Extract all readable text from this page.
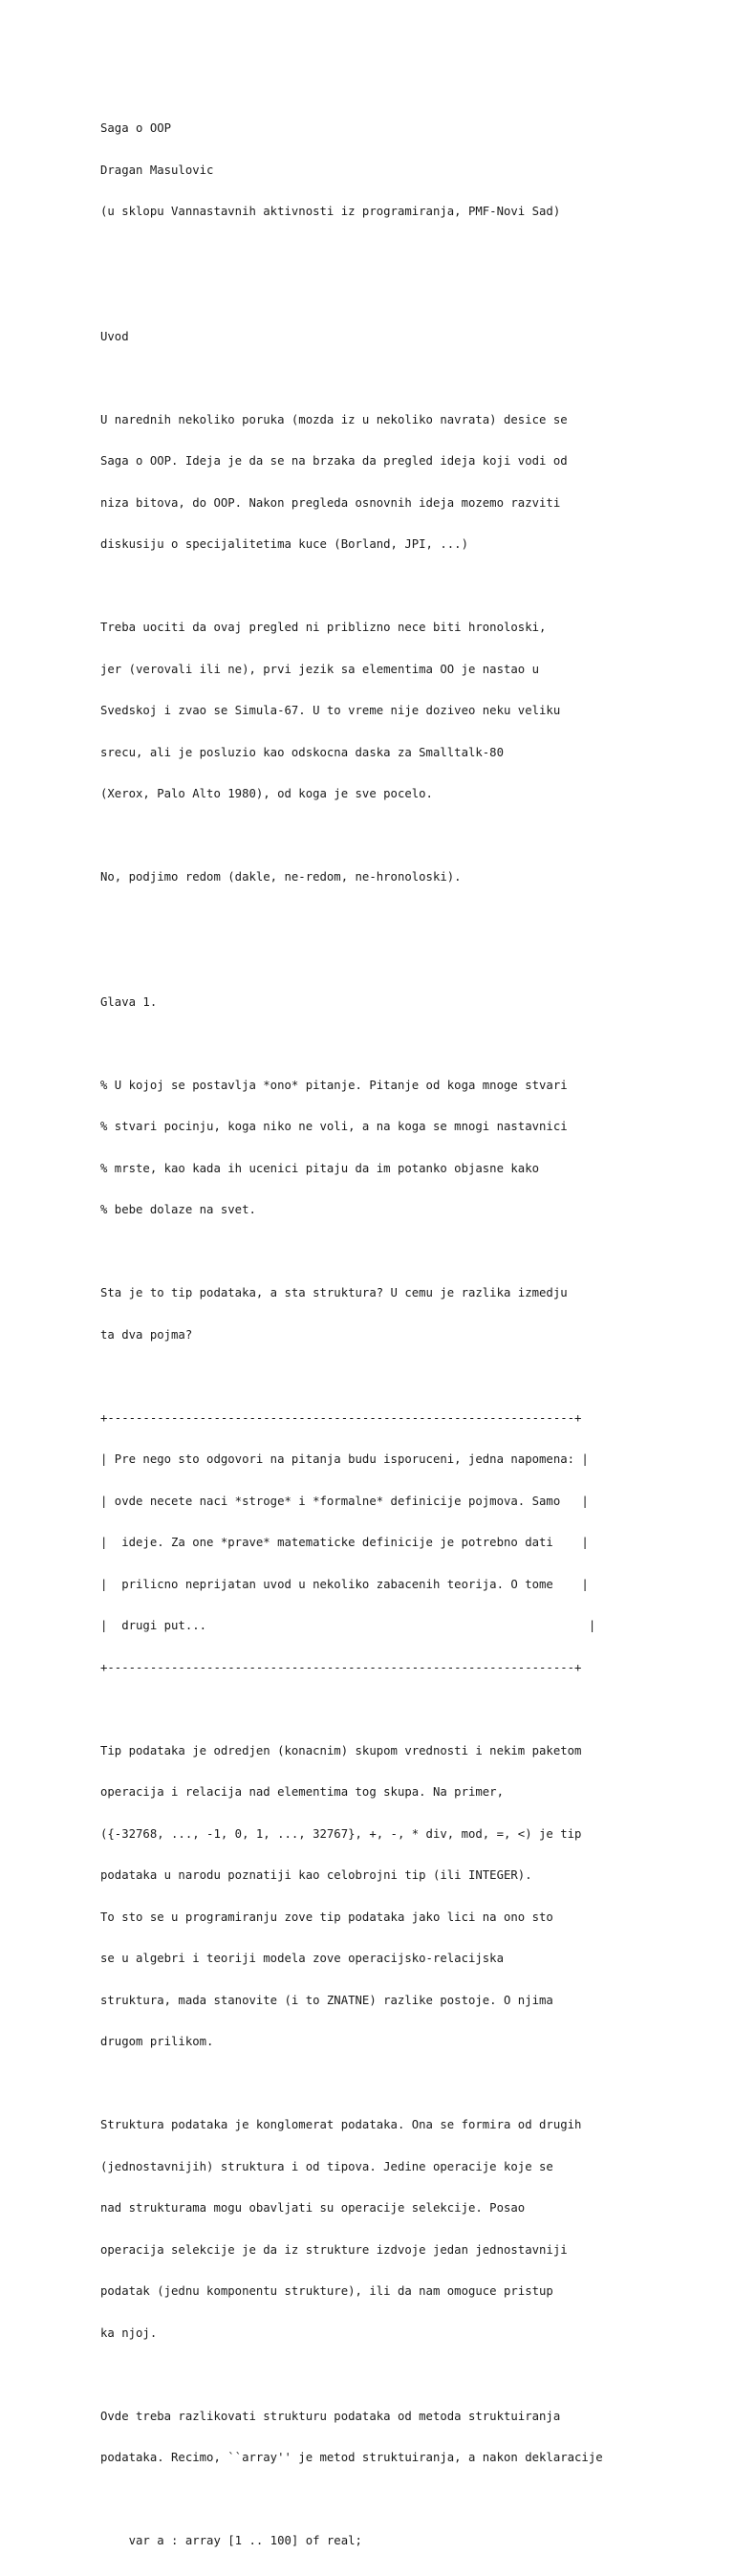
Saga o OOP

Dragan Masulovic

(u sklopu Vannastavnih aktivnosti iz programiranja, PMF-Novi Sad)

Uvod

U narednih nekoliko poruka (mozda iz u nekoliko navrata) desice se

Saga o OOP. Ideja je da se na brzaka da pregled ideja koji vodi od

niza bitova, do OOP. Nakon pregleda osnovnih ideja mozemo razviti

diskusiju o specijalitetima kuce (Borland, JPI, ...)

Treba uociti da ovaj pregled ni priblizno nece biti hronoloski,

jer (verovali ili ne), prvi jezik sa elementima OO je nastao u

Svedskoj i zvao se Simula-67. U to vreme nije doziveo neku veliku

srecu, ali je posluzio kao odskocna daska za Smalltalk-80

(Xerox, Palo Alto 1980), od koga je sve pocelo.

No, podjimo redom (dakle, ne-redom, ne-hronoloski).

Glava 1.

% U kojoj se postavlja *ono* pitanje. Pitanje od koga mnoge stvari

% stvari pocinju, koga niko ne voli, a na koga se mnogi nastavnici

% mrste, kao kada ih ucenici pitaju da im potanko objasne kako

% bebe dolaze na svet.

Sta je to tip podataka, a sta struktura? U cemu je razlika izmedju

ta dva pojma?

+------------------------------------------------------------------+

| Pre nego sto odgovori na pitanja budu isporuceni, jedna napomena: |

| ovde necete naci *stroge* i *formalne* definicije pojmova. Samo   |

|  ideje. Za one *prave* matematicke definicije je potrebno dati    |

|  prilicno neprijatan uvod u nekoliko zabacenih teorija. O tome    |

|  drugi put...                                                      |

+------------------------------------------------------------------+

Tip podataka je odredjen (konacnim) skupom vrednosti i nekim paketom

operacija i relacija nad elementima tog skupa. Na primer,

({-32768, ..., -1, 0, 1, ..., 32767}, +, -, * div, mod, =, <) je tip

podataka u narodu poznatiji kao celobrojni tip (ili INTEGER).

To sto se u programiranju zove tip podataka jako lici na ono sto

se u algebri i teoriji modela zove operacijsko-relacijska

struktura, mada stanovite (i to ZNATNE) razlike postoje. O njima

drugom prilikom.

Struktura podataka je konglomerat podataka. Ona se formira od drugih

(jednostavnijih) struktura i od tipova. Jedine operacije koje se

nad strukturama mogu obavljati su operacije selekcije. Posao

operacija selekcije je da iz strukture izdvoje jedan jednostavniji

podatak (jednu komponentu strukture), ili da nam omoguce pristup

ka njoj.

Ovde treba razlikovati strukturu podataka od metoda struktuiranja

podataka. Recimo, ``array'' je metod struktuiranja, a nakon deklaracije

var a : array [1 .. 100] of real;
